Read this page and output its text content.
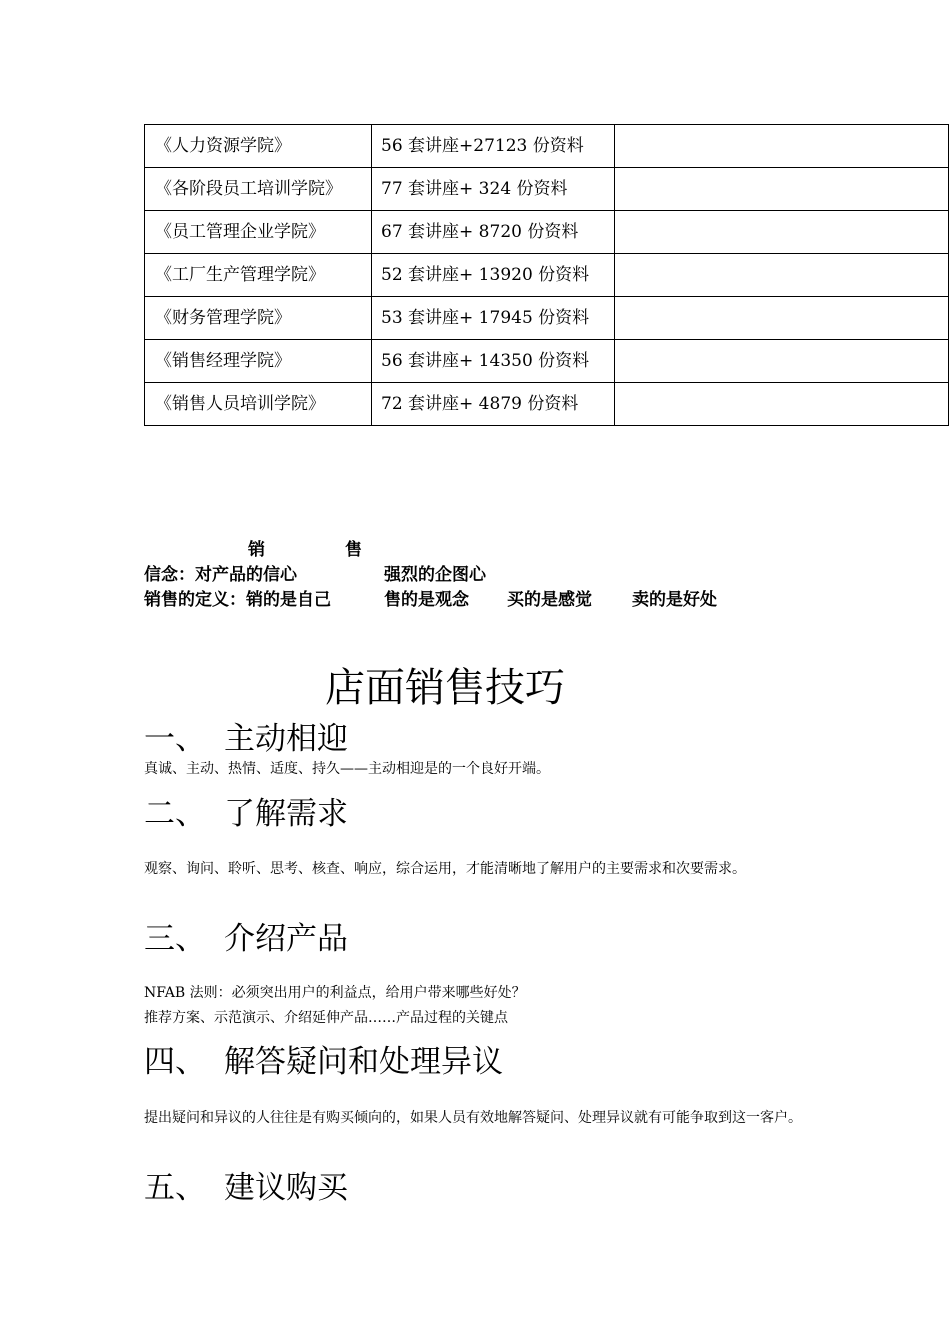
《人力资源学院》	56 套讲座+27123 份资料	
《各阶段员工培训学院》	77 套讲座+ 324 份资料	
《员工管理企业学院》	67 套讲座+ 8720 份资料	
《工厂生产管理学院》	52 套讲座+ 13920 份资料	
《财务管理学院》	53 套讲座+ 17945 份资料	
《销售经理学院》	56 套讲座+ 14350 份资料	
《销售人员培训学院》	72 套讲座+ 4879 份资料	
销	售
信念：对产品的信心	强烈的企图心
销售的定义：销的是自己	售的是观念 买的是感觉 卖的是好处
店面销售技巧
一、 主动相迎
真诚、主动、热情、适度、持久——主动相迎是的一个良好开端。
二、 了解需求
观察、询问、聆听、思考、核查、响应，综合运用，才能清晰地了解用户的主要需求和次要需求。
三、 介绍产品
NFAB 法则：必须突出用户的利益点，给用户带来哪些好处？
推荐方案、示范演示、介绍延伸产品……产品过程的关键点
四、 解答疑问和处理异议
提出疑问和异议的人往往是有购买倾向的，如果人员有效地解答疑问、处理异议就有可能争取到这一客户。
五、 建议购买
